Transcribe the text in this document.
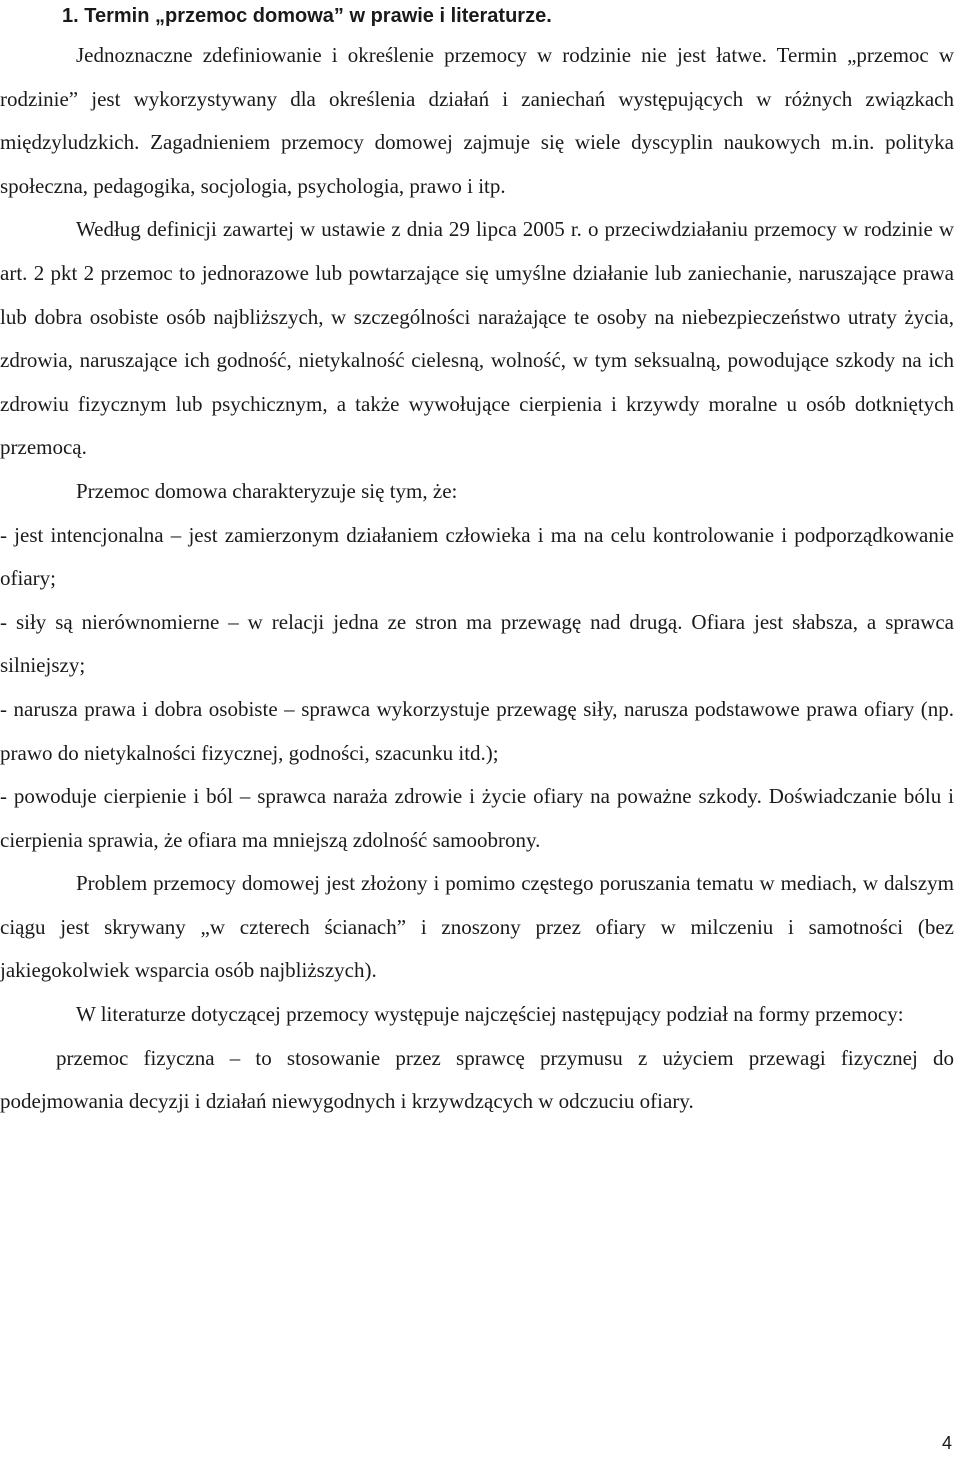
1. Termin „przemoc domowa” w prawie i literaturze.

Jednoznaczne zdefiniowanie i określenie przemocy w rodzinie nie jest łatwe. Termin „przemoc w rodzinie” jest wykorzystywany dla określenia działań i zaniechań występujących w różnych związkach międzyludzkich. Zagadnieniem przemocy domowej zajmuje się wiele dyscyplin naukowych m.in. polityka społeczna, pedagogika, socjologia, psychologia, prawo i itp.

Według definicji zawartej w ustawie z dnia 29 lipca 2005 r. o przeciwdziałaniu przemocy w rodzinie w art. 2 pkt 2 przemoc to jednorazowe lub powtarzające się umyślne działanie lub zaniechanie, naruszające prawa lub dobra osobiste osób najbliższych, w szczególności narażające te osoby na niebezpieczeństwo utraty życia, zdrowia, naruszające ich godność, nietykalność cielesną, wolność, w tym seksualną, powodujące szkody na ich zdrowiu fizycznym lub psychicznym, a także wywołujące cierpienia i krzywdy moralne u osób dotkniętych przemocą.

Przemoc domowa charakteryzuje się tym, że:

- jest intencjonalna – jest zamierzonym działaniem człowieka i ma na celu kontrolowanie i podporządkowanie ofiary;

- siły są nierównomierne – w relacji jedna ze stron ma przewagę nad drugą. Ofiara jest słabsza, a sprawca silniejszy;

- narusza prawa i dobra osobiste – sprawca wykorzystuje przewagę siły, narusza podstawowe prawa ofiary (np. prawo do nietykalności fizycznej, godności, szacunku itd.);

- powoduje cierpienie i ból – sprawca naraża zdrowie i życie ofiary na poważne szkody. Doświadczanie bólu i cierpienia sprawia, że ofiara ma mniejszą zdolność samoobrony.

Problem przemocy domowej jest złożony i pomimo częstego poruszania tematu w mediach, w dalszym ciągu jest skrywany „w czterech ścianach” i znoszony przez ofiary w milczeniu i samotności (bez jakiegokolwiek wsparcia osób najbliższych).

W literaturze dotyczącej przemocy występuje najczęściej następujący podział na formy przemocy:

przemoc fizyczna – to stosowanie przez sprawcę przymusu z użyciem przewagi fizycznej do podejmowania decyzji i działań niewygodnych i krzywdzących w odczuciu ofiary.

4
